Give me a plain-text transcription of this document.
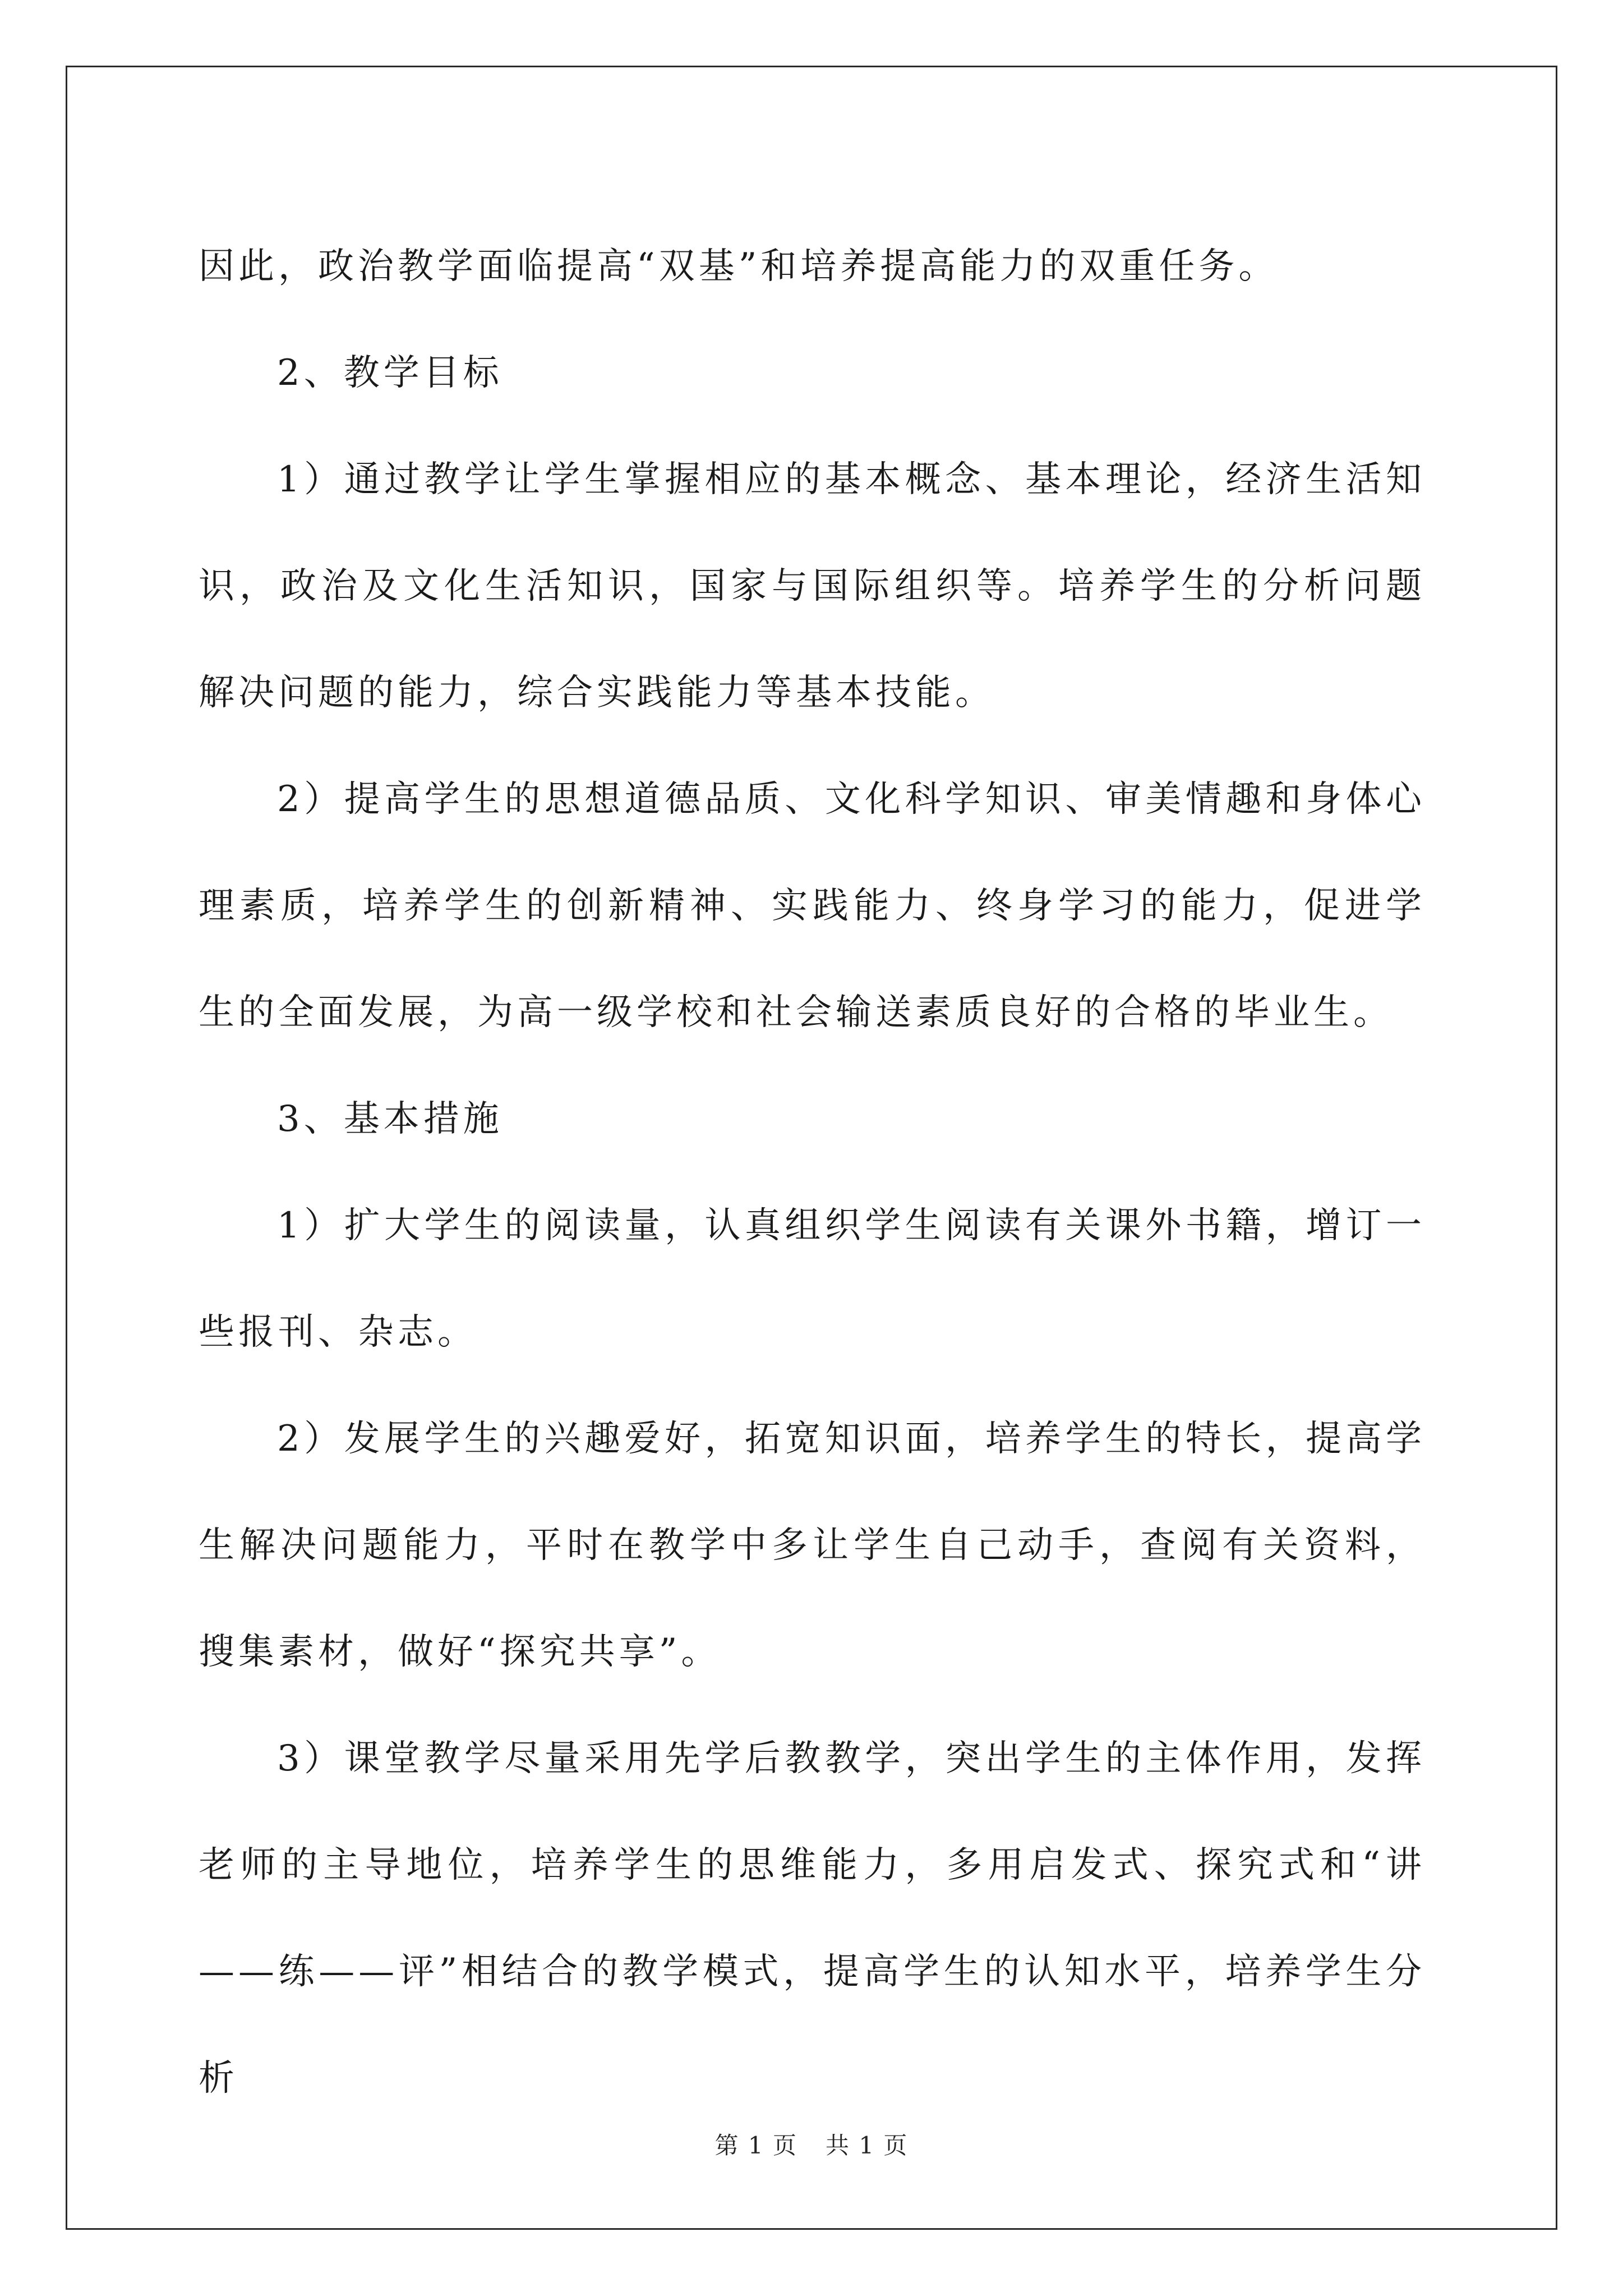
因此，政治教学面临提高“双基”和培养提高能力的双重任务。

2、教学目标

1）通过教学让学生掌握相应的基本概念、基本理论，经济生活知识，政治及文化生活知识，国家与国际组织等。培养学生的分析问题解决问题的能力，综合实践能力等基本技能。

2）提高学生的思想道德品质、文化科学知识、审美情趣和身体心理素质，培养学生的创新精神、实践能力、终身学习的能力，促进学生的全面发展，为高一级学校和社会输送素质良好的合格的毕业生。

3、基本措施

1）扩大学生的阅读量，认真组织学生阅读有关课外书籍，增订一些报刊、杂志。

2）发展学生的兴趣爱好，拓宽知识面，培养学生的特长，提高学生解决问题能力，平时在教学中多让学生自己动手，查阅有关资料，搜集素材，做好“探究共享”。

3）课堂教学尽量采用先学后教教学，突出学生的主体作用，发挥老师的主导地位，培养学生的思维能力，多用启发式、探究式和“讲——练——评”相结合的教学模式，提高学生的认知水平，培养学生分析

第 1 页 共 1 页
